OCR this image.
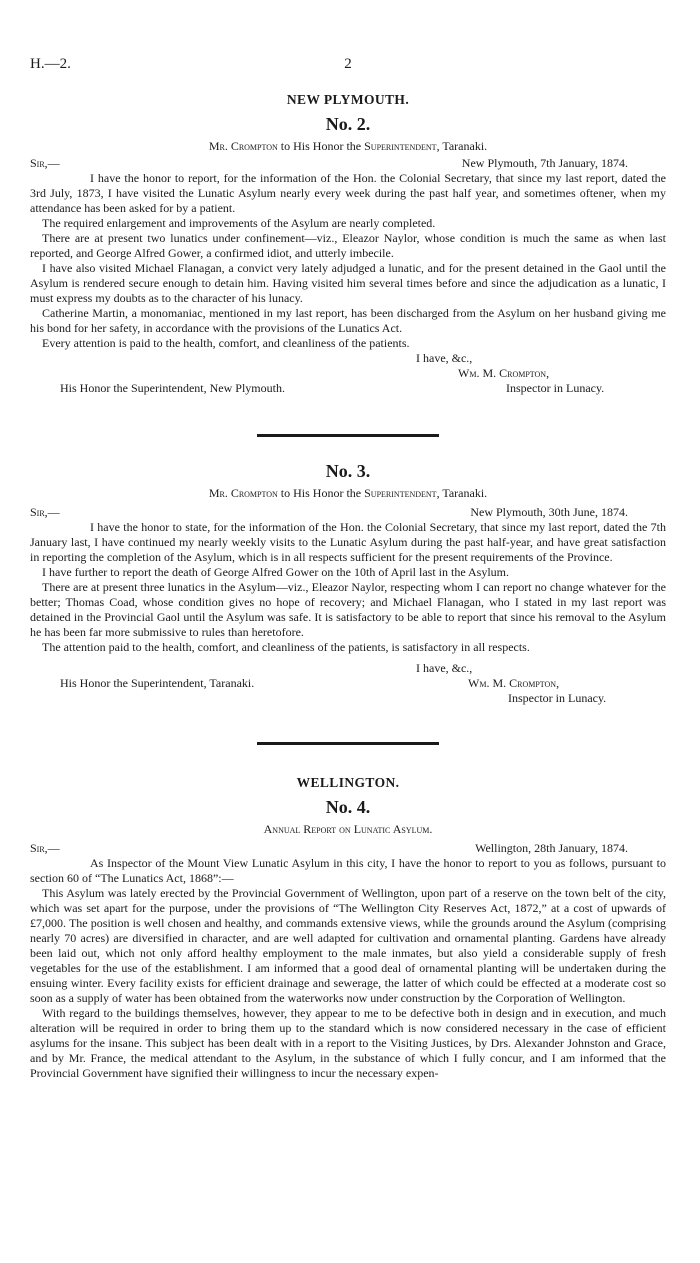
H.—2.	2
NEW PLYMOUTH.
No. 2.
Mr. Crompton to His Honor the Superintendent, Taranaki.
Sir,—	New Plymouth, 7th January, 1874.

I have the honor to report, for the information of the Hon. the Colonial Secretary, that since my last report, dated the 3rd July, 1873, I have visited the Lunatic Asylum nearly every week during the past half year, and sometimes oftener, when my attendance has been asked for by a patient.

The required enlargement and improvements of the Asylum are nearly completed.

There are at present two lunatics under confinement—viz., Eleazor Naylor, whose condition is much the same as when last reported, and George Alfred Gower, a confirmed idiot, and utterly imbecile.

I have also visited Michael Flanagan, a convict very lately adjudged a lunatic, and for the present detained in the Gaol until the Asylum is rendered secure enough to detain him. Having visited him several times before and since the adjudication as a lunatic, I must express my doubts as to the character of his lunacy.

Catherine Martin, a monomaniac, mentioned in my last report, has been discharged from the Asylum on her husband giving me his bond for her safety, in accordance with the provisions of the Lunatics Act.

Every attention is paid to the health, comfort, and cleanliness of the patients.

I have, &c.,
Wm. M. Crompton,
His Honor the Superintendent, New Plymouth.	Inspector in Lunacy.
No. 3.
Mr. Crompton to His Honor the Superintendent, Taranaki.
Sir,—	New Plymouth, 30th June, 1874.

I have the honor to state, for the information of the Hon. the Colonial Secretary, that since my last report, dated the 7th January last, I have continued my nearly weekly visits to the Lunatic Asylum during the past half-year, and have great satisfaction in reporting the completion of the Asylum, which is in all respects sufficient for the present requirements of the Province.

I have further to report the death of George Alfred Gower on the 10th of April last in the Asylum.

There are at present three lunatics in the Asylum—viz., Eleazor Naylor, respecting whom I can report no change whatever for the better; Thomas Coad, whose condition gives no hope of recovery; and Michael Flanagan, who I stated in my last report was detained in the Provincial Gaol until the Asylum was safe. It is satisfactory to be able to report that since his removal to the Asylum he has been far more submissive to rules than heretofore.

The attention paid to the health, comfort, and cleanliness of the patients, is satisfactory in all respects.

I have, &c.,
His Honor the Superintendent, Taranaki.	Wm. M. Crompton,
Inspector in Lunacy.
WELLINGTON.
No. 4.
Annual Report on Lunatic Asylum.
Sir,—	Wellington, 28th January, 1874.

As Inspector of the Mount View Lunatic Asylum in this city, I have the honor to report to you as follows, pursuant to section 60 of “The Lunatics Act, 1868”:—

This Asylum was lately erected by the Provincial Government of Wellington, upon part of a reserve on the town belt of the city, which was set apart for the purpose, under the provisions of “The Wellington City Reserves Act, 1872,” at a cost of upwards of £7,000. The position is well chosen and healthy, and commands extensive views, while the grounds around the Asylum (comprising nearly 70 acres) are diversified in character, and are well adapted for cultivation and ornamental planting. Gardens have already been laid out, which not only afford healthy employment to the male inmates, but also yield a considerable supply of fresh vegetables for the use of the establishment. I am informed that a good deal of ornamental planting will be undertaken during the ensuing winter. Every facility exists for efficient drainage and sewerage, the latter of which could be effected at a moderate cost so soon as a supply of water has been obtained from the waterworks now under construction by the Corporation of Wellington.

With regard to the buildings themselves, however, they appear to me to be defective both in design and in execution, and much alteration will be required in order to bring them up to the standard which is now considered necessary in the case of efficient asylums for the insane. This subject has been dealt with in a report to the Visiting Justices, by Drs. Alexander Johnston and Grace, and by Mr. France, the medical attendant to the Asylum, in the substance of which I fully concur, and I am informed that the Provincial Government have signified their willingness to incur the necessary expen-
